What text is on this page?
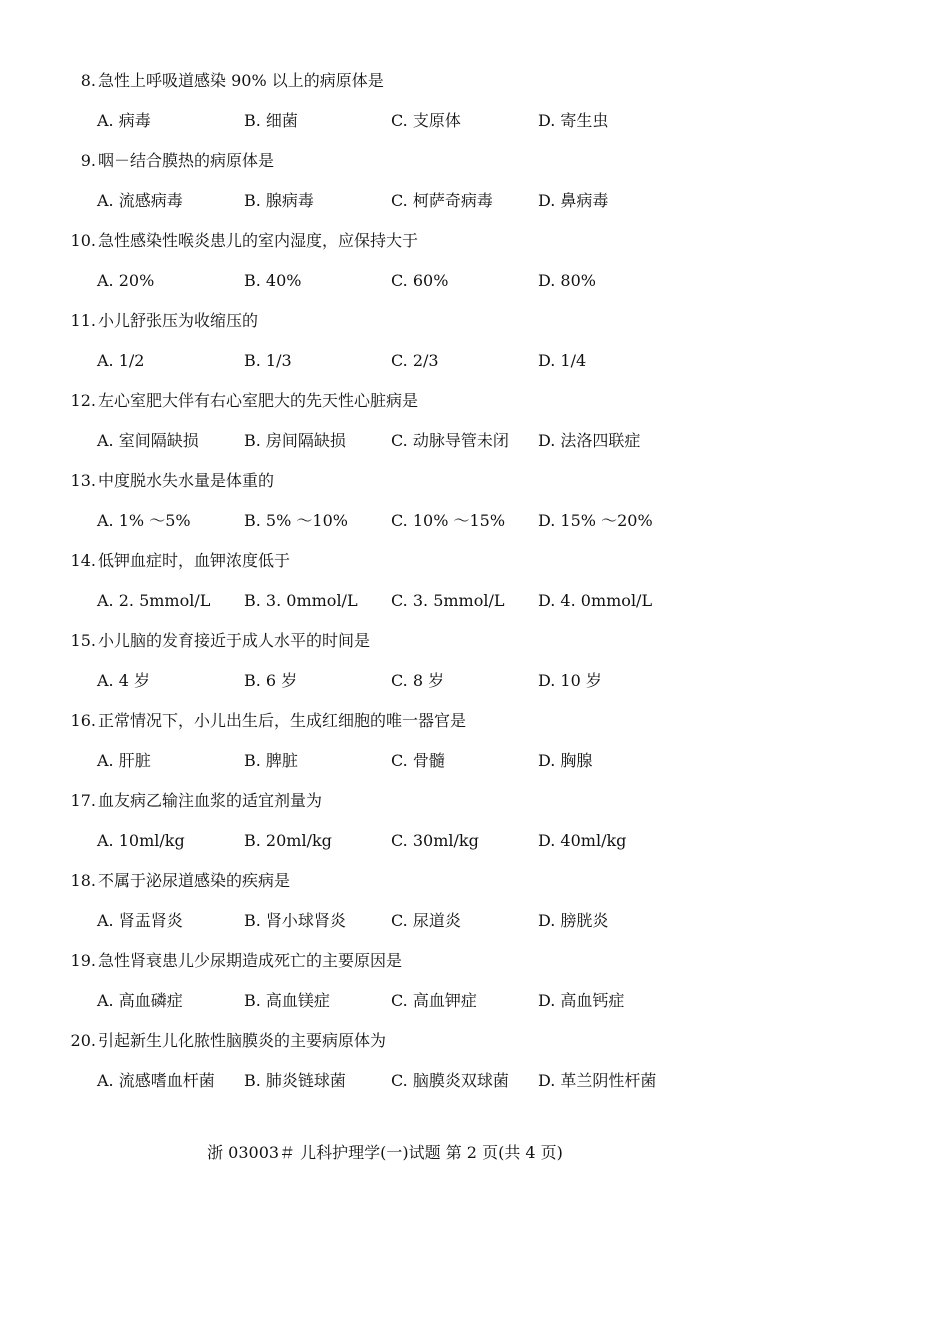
8. 急性上呼吸道感染 90% 以上的病原体是
A. 病毒	B. 细菌	C. 支原体	D. 寄生虫
9. 咽－结合膜热的病原体是
A. 流感病毒	B. 腺病毒	C. 柯萨奇病毒	D. 鼻病毒
10. 急性感染性喉炎患儿的室内湿度，应保持大于
A. 20%	B. 40%	C. 60%	D. 80%
11. 小儿舒张压为收缩压的
A. 1/2	B. 1/3	C. 2/3	D. 1/4
12. 左心室肥大伴有右心室肥大的先天性心脏病是
A. 室间隔缺损	B. 房间隔缺损	C. 动脉导管未闭 D. 法洛四联症
13. 中度脱水失水量是体重的
A. 1% ～5%	B. 5% ～10%	C. 10% ～15% D. 15% ～20%
14. 低钾血症时，血钾浓度低于
A. 2. 5mmol/L B. 3. 0mmol/L C. 3. 5mmol/L D. 4. 0mmol/L
15. 小儿脑的发育接近于成人水平的时间是
A. 4 岁	B. 6 岁	C. 8 岁	D. 10 岁
16. 正常情况下，小儿出生后，生成红细胞的唯一器官是
A. 肝脏	B. 脾脏	C. 骨髓	D. 胸腺
17. 血友病乙输注血浆的适宜剂量为
A. 10ml/kg	B. 20ml/kg	C. 30ml/kg	D. 40ml/kg
18. 不属于泌尿道感染的疾病是
A. 肾盂肾炎	B. 肾小球肾炎	C. 尿道炎	D. 膀胱炎
19. 急性肾衰患儿少尿期造成死亡的主要原因是
A. 高血磷症	B. 高血镁症	C. 高血钾症	D. 高血钙症
20. 引起新生儿化脓性脑膜炎的主要病原体为
A. 流感嗜血杆菌 B. 肺炎链球菌	C. 脑膜炎双球菌 D. 革兰阴性杆菌
浙 03003＃ 儿科护理学(一)试题 第 2 页(共 4 页)
